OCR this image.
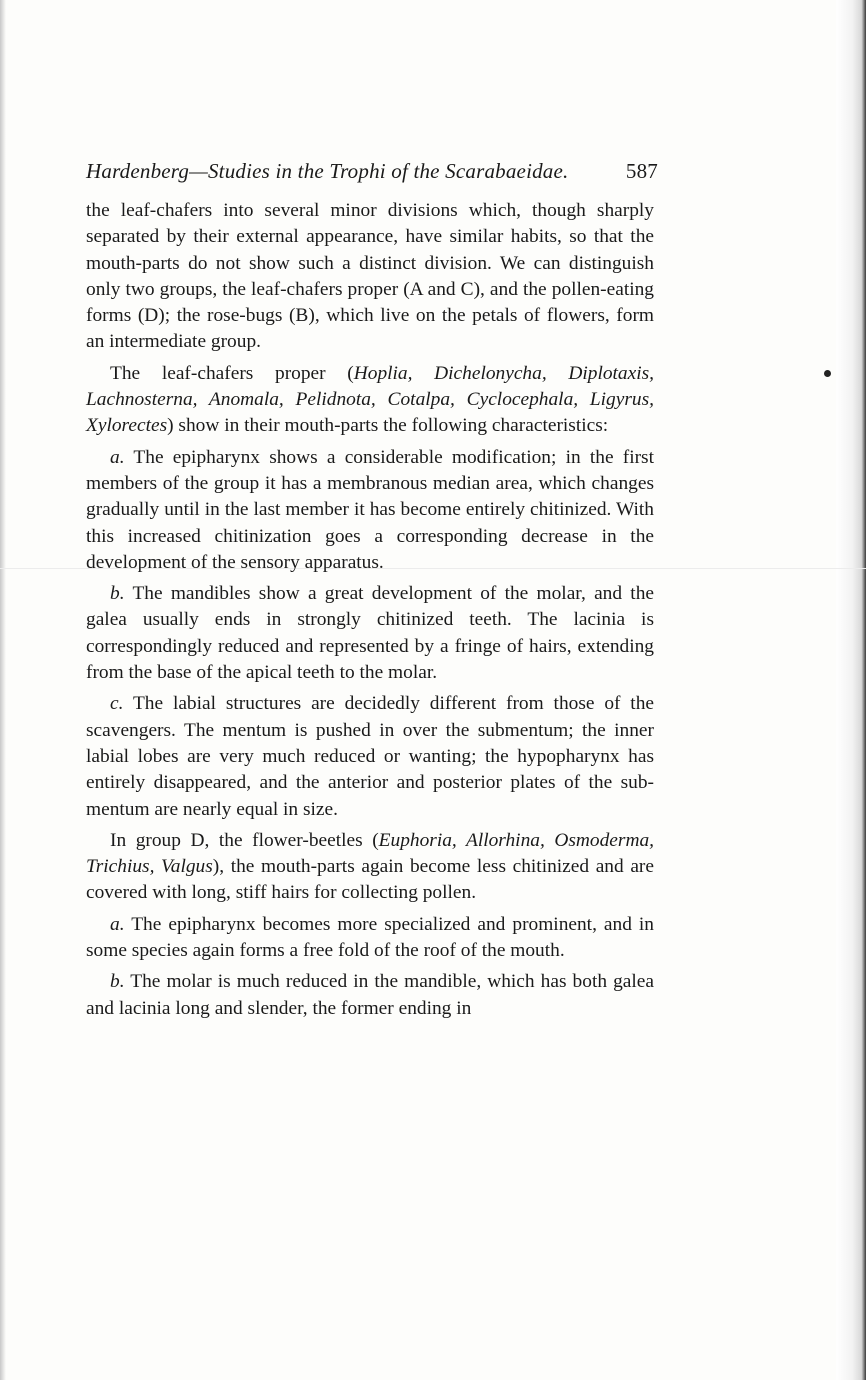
Hardenberg—Studies in the Trophi of the Scarabaeidae.	587

the leaf-chafers into several minor divisions which, though sharply separated by their external appearance, have similar habits, so that the mouth-parts do not show such a distinct division. We can distinguish only two groups, the leaf-chafers proper (A and C), and the pollen-eating forms (D); the rose-bugs (B), which live on the petals of flowers, form an intermediate group.

The leaf-chafers proper (Hoplia, Dichelonycha, Diplotaxis, Lachnosterna, Anomala, Pelidnota, Cotalpa, Cyclocephala, Ligyrus, Xylorectes) show in their mouth-parts the following characteristics:

a. The epipharynx shows a considerable modification; in the first members of the group it has a membranous median area, which changes gradually until in the last member it has become entirely chitinized. With this increased chitinization goes a corresponding decrease in the development of the sensory apparatus.

b. The mandibles show a great development of the molar, and the galea usually ends in strongly chitinized teeth. The lacinia is correspondingly reduced and represented by a fringe of hairs, extending from the base of the apical teeth to the molar.

c. The labial structures are decidedly different from those of the scavengers. The mentum is pushed in over the submentum; the inner labial lobes are very much reduced or wanting; the hypopharynx has entirely disappeared, and the anterior and posterior plates of the sub-mentum are nearly equal in size.

In group D, the flower-beetles (Euphoria, Allorhina, Osmoderma, Trichius, Valgus), the mouth-parts again become less chitinized and are covered with long, stiff hairs for collecting pollen.

a. The epipharynx becomes more specialized and prominent, and in some species again forms a free fold of the roof of the mouth.

b. The molar is much reduced in the mandible, which has both galea and lacinia long and slender, the former ending in
